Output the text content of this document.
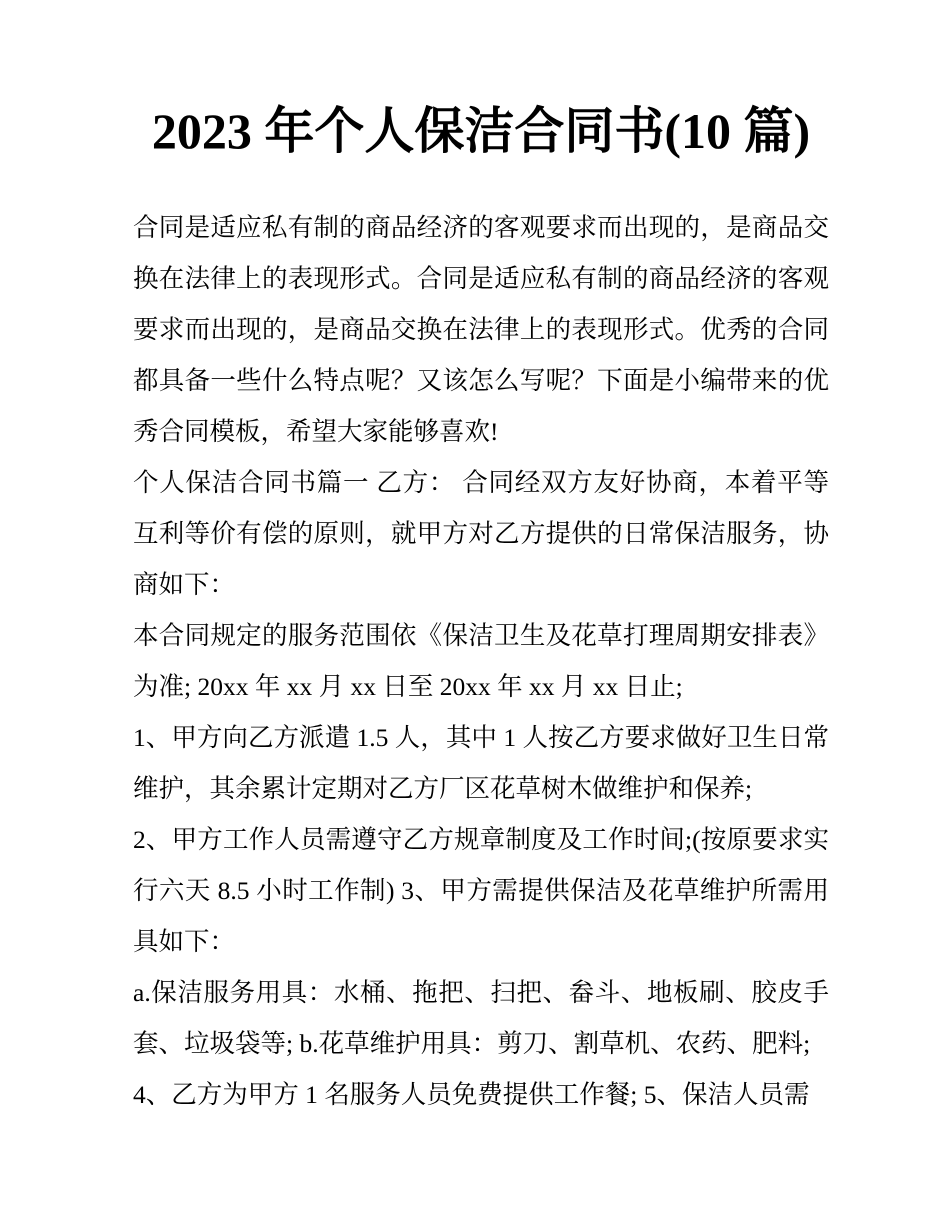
2023 年个人保洁合同书(10 篇)

合同是适应私有制的商品经济的客观要求而出现的，是商品交换在法律上的表现形式。合同是适应私有制的商品经济的客观要求而出现的，是商品交换在法律上的表现形式。优秀的合同都具备一些什么特点呢？又该怎么写呢？下面是小编带来的优秀合同模板，希望大家能够喜欢!

个人保洁合同书篇一 乙方： 合同经双方友好协商，本着平等互利等价有偿的原则，就甲方对乙方提供的日常保洁服务，协商如下：

本合同规定的服务范围依《保洁卫生及花草打理周期安排表》为准; 20xx 年 xx 月 xx 日至 20xx 年 xx 月 xx 日止;

1、甲方向乙方派遣 1.5 人，其中 1 人按乙方要求做好卫生日常维护，其余累计定期对乙方厂区花草树木做维护和保养;

2、甲方工作人员需遵守乙方规章制度及工作时间;(按原要求实行六天 8.5 小时工作制) 3、甲方需提供保洁及花草维护所需用具如下：

a.保洁服务用具：水桶、拖把、扫把、畚斗、地板刷、胶皮手套、垃圾袋等; b.花草维护用具：剪刀、割草机、农药、肥料;

4、乙方为甲方 1 名服务人员免费提供工作餐; 5、保洁人员需
